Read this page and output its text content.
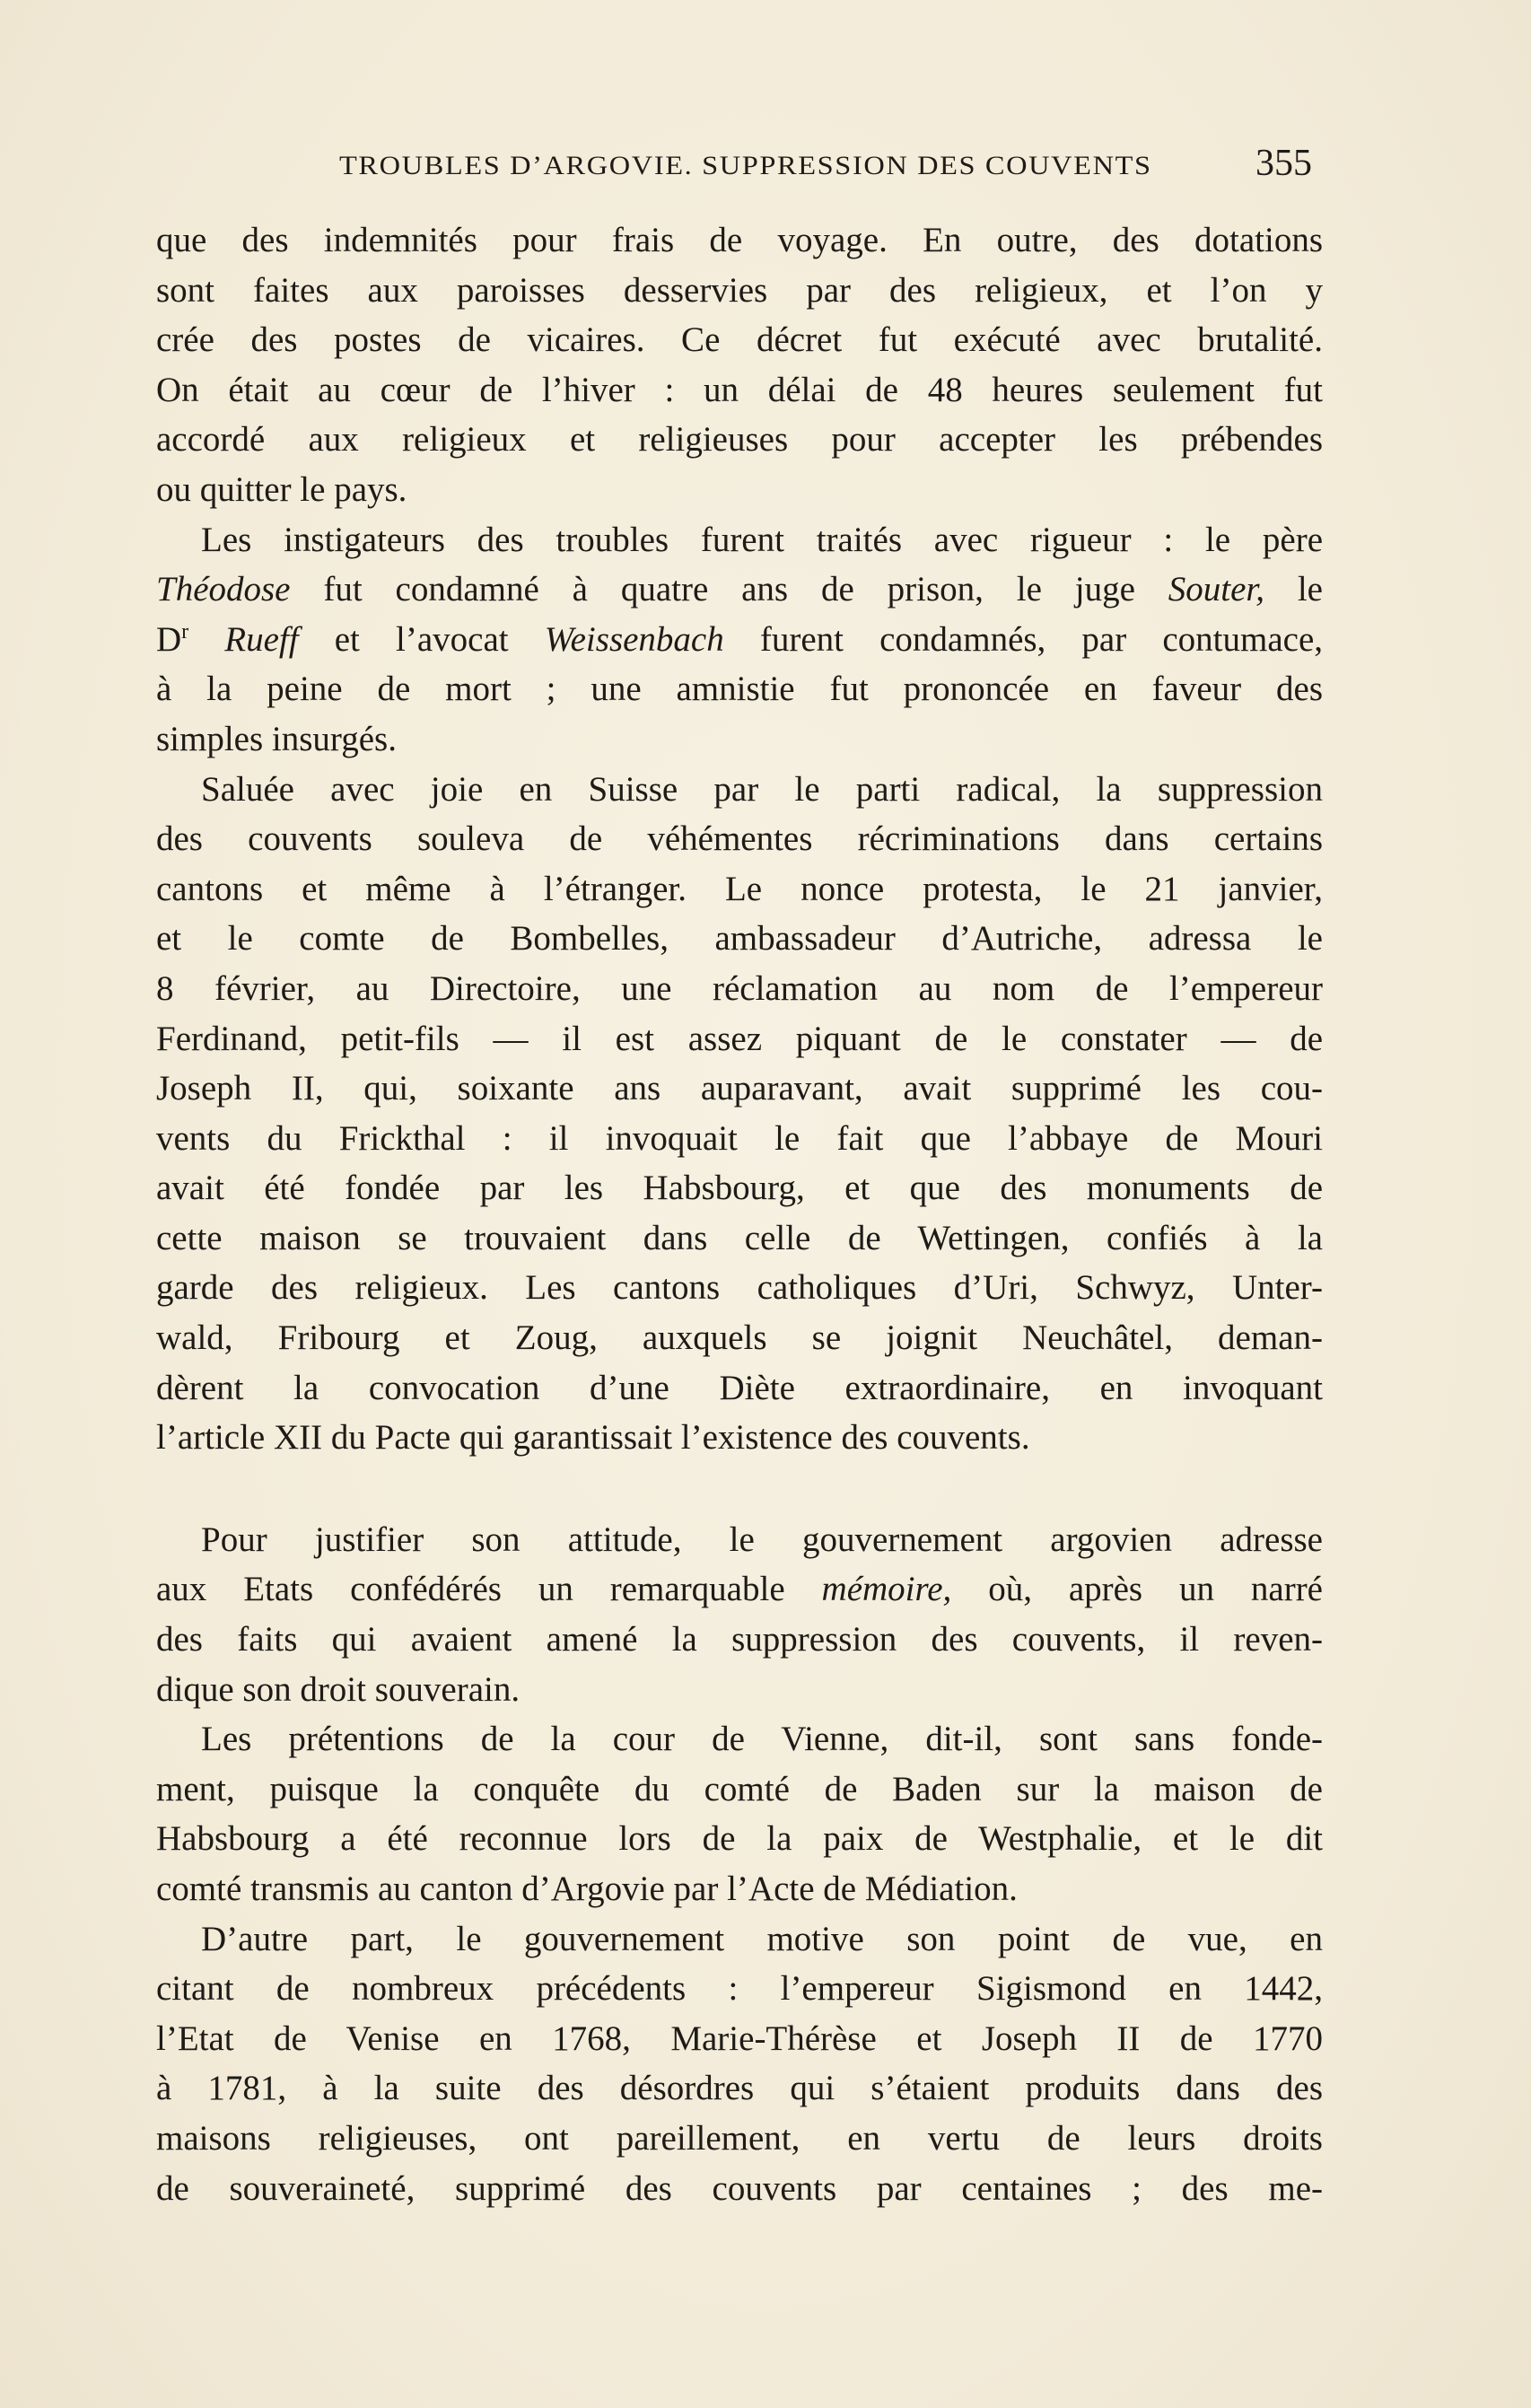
TROUBLES D’ARGOVIE. SUPPRESSION DES COUVENTS	355
que des indemnités pour frais de voyage. En outre, des dotations
sont faites aux paroisses desservies par des religieux, et l’on y
crée des postes de vicaires. Ce décret fut exécuté avec brutalité.
On était au cœur de l’hiver : un délai de 48 heures seulement fut
accordé aux religieux et religieuses pour accepter les prébendes
ou quitter le pays.
Les instigateurs des troubles furent traités avec rigueur : le père
Théodose fut condamné à quatre ans de prison, le juge Souter, le
$D^r$ Rueff et l’avocat Weissenbach furent condamnés, par contumace,
à la peine de mort ; une amnistie fut prononcée en faveur des
simples insurgés.
Saluée avec joie en Suisse par le parti radical, la suppression
des couvents souleva de véhémentes récriminations dans certains
cantons et même à l’étranger. Le nonce protesta, le 21 janvier,
et le comte de Bombelles, ambassadeur d’Autriche, adressa le
8 février, au Directoire, une réclamation au nom de l’empereur
Ferdinand, petit-fils — il est assez piquant de le constater — de
Joseph II, qui, soixante ans auparavant, avait supprimé les cou-
vents du Frickthal : il invoquait le fait que l’abbaye de Mouri
avait été fondée par les Habsbourg, et que des monuments de
cette maison se trouvaient dans celle de Wettingen, confiés à la
garde des religieux. Les cantons catholiques d’Uri, Schwyz, Unter-
wald, Fribourg et Zoug, auxquels se joignit Neuchâtel, deman-
dèrent la convocation d’une Diète extraordinaire, en invoquant
l’article XII du Pacte qui garantissait l’existence des couvents.
Pour justifier son attitude, le gouvernement argovien adresse
aux Etats confédérés un remarquable mémoire, où, après un narré
des faits qui avaient amené la suppression des couvents, il reven-
dique son droit souverain.
Les prétentions de la cour de Vienne, dit-il, sont sans fonde-
ment, puisque la conquête du comté de Baden sur la maison de
Habsbourg a été reconnue lors de la paix de Westphalie, et le dit
comté transmis au canton d’Argovie par l’Acte de Médiation.
D’autre part, le gouvernement motive son point de vue, en
citant de nombreux précédents : l’empereur Sigismond en 1442,
l’Etat de Venise en 1768, Marie-Thérèse et Joseph II de 1770
à 1781, à la suite des désordres qui s’étaient produits dans des
maisons religieuses, ont pareillement, en vertu de leurs droits
de souveraineté, supprimé des couvents par centaines ; des me-
